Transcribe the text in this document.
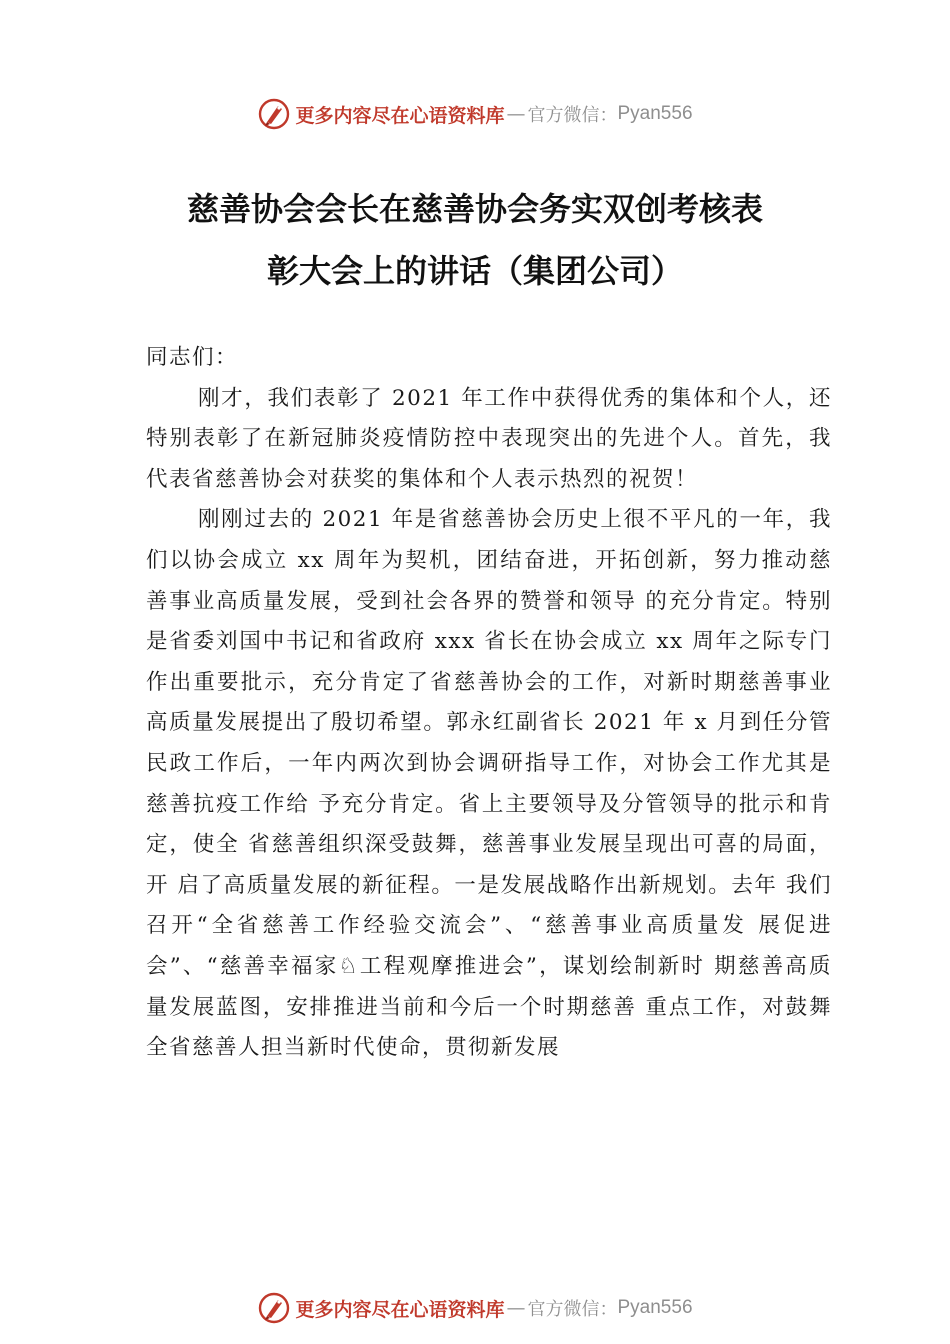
更多内容尽在心语资料库 — 官方微信： Pyan556
慈善协会会长在慈善协会务实双创考核表
彰大会上的讲话（集团公司）

同志们：

刚才，我们表彰了 2021 年工作中获得优秀的集体和个人，还特别表彰了在新冠肺炎疫情防控中表现突出的先进个人。首先，我代表省慈善协会对获奖的集体和个人表示热烈的祝贺！

刚刚过去的 2021 年是省慈善协会历史上很不平凡的一年，我们以协会成立 xx 周年为契机，团结奋进，开拓创新，努力推动慈善事业高质量发展，受到社会各界的赞誉和领导 的充分肯定。特别是省委刘国中书记和省政府 xxx 省长在协会成立 xx 周年之际专门作出重要批示，充分肯定了省慈善协会的工作，对新时期慈善事业高质量发展提出了殷切希望。郭永红副省长 2021 年 x 月到任分管民政工作后，一年内两次到协会调研指导工作，对协会工作尤其是慈善抗疫工作给 予充分肯定。省上主要领导及分管领导的批示和肯定，使全 省慈善组织深受鼓舞，慈善事业发展呈现出可喜的局面，开 启了高质量发展的新征程。一是发展战略作出新规划。去年 我们召开“全省慈善工作经验交流会”、“慈善事业高质量发 展促进会”、“慈善幸福家♘工程观摩推进会”，谋划绘制新时 期慈善高质量发展蓝图，安排推进当前和今后一个时期慈善 重点工作，对鼓舞全省慈善人担当新时代使命，贯彻新发展

更多内容尽在心语资料库 — 官方微信： Pyan556
